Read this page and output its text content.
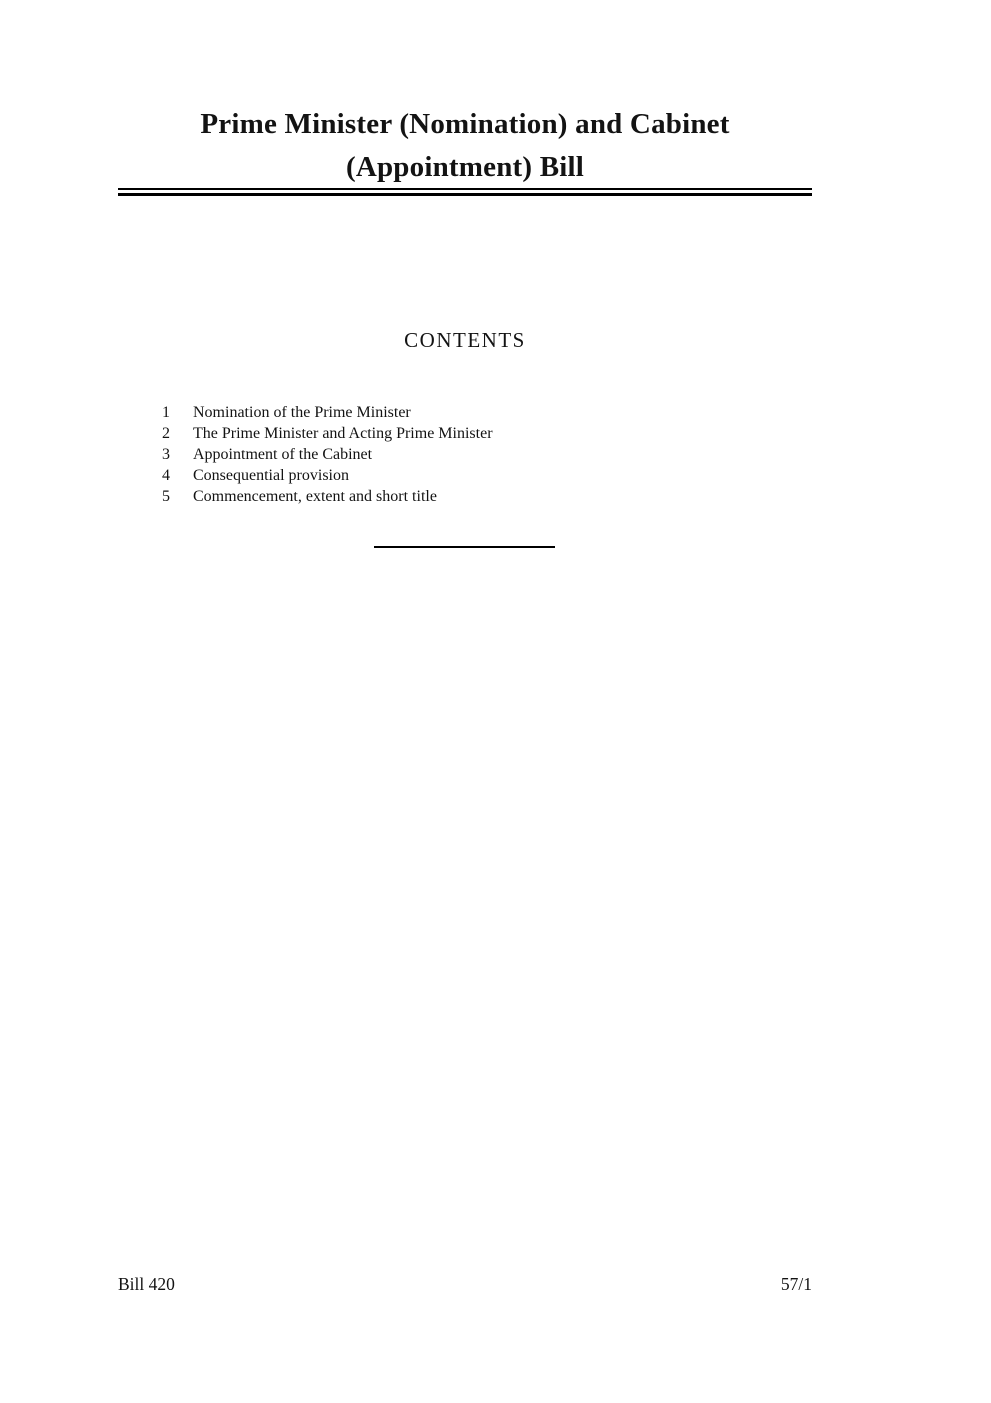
Prime Minister (Nomination) and Cabinet
(Appointment) Bill
CONTENTS
1	Nomination of the Prime Minister
2	The Prime Minister and Acting Prime Minister
3	Appointment of the Cabinet
4	Consequential provision
5	Commencement, extent and short title
Bill 420	57/1
